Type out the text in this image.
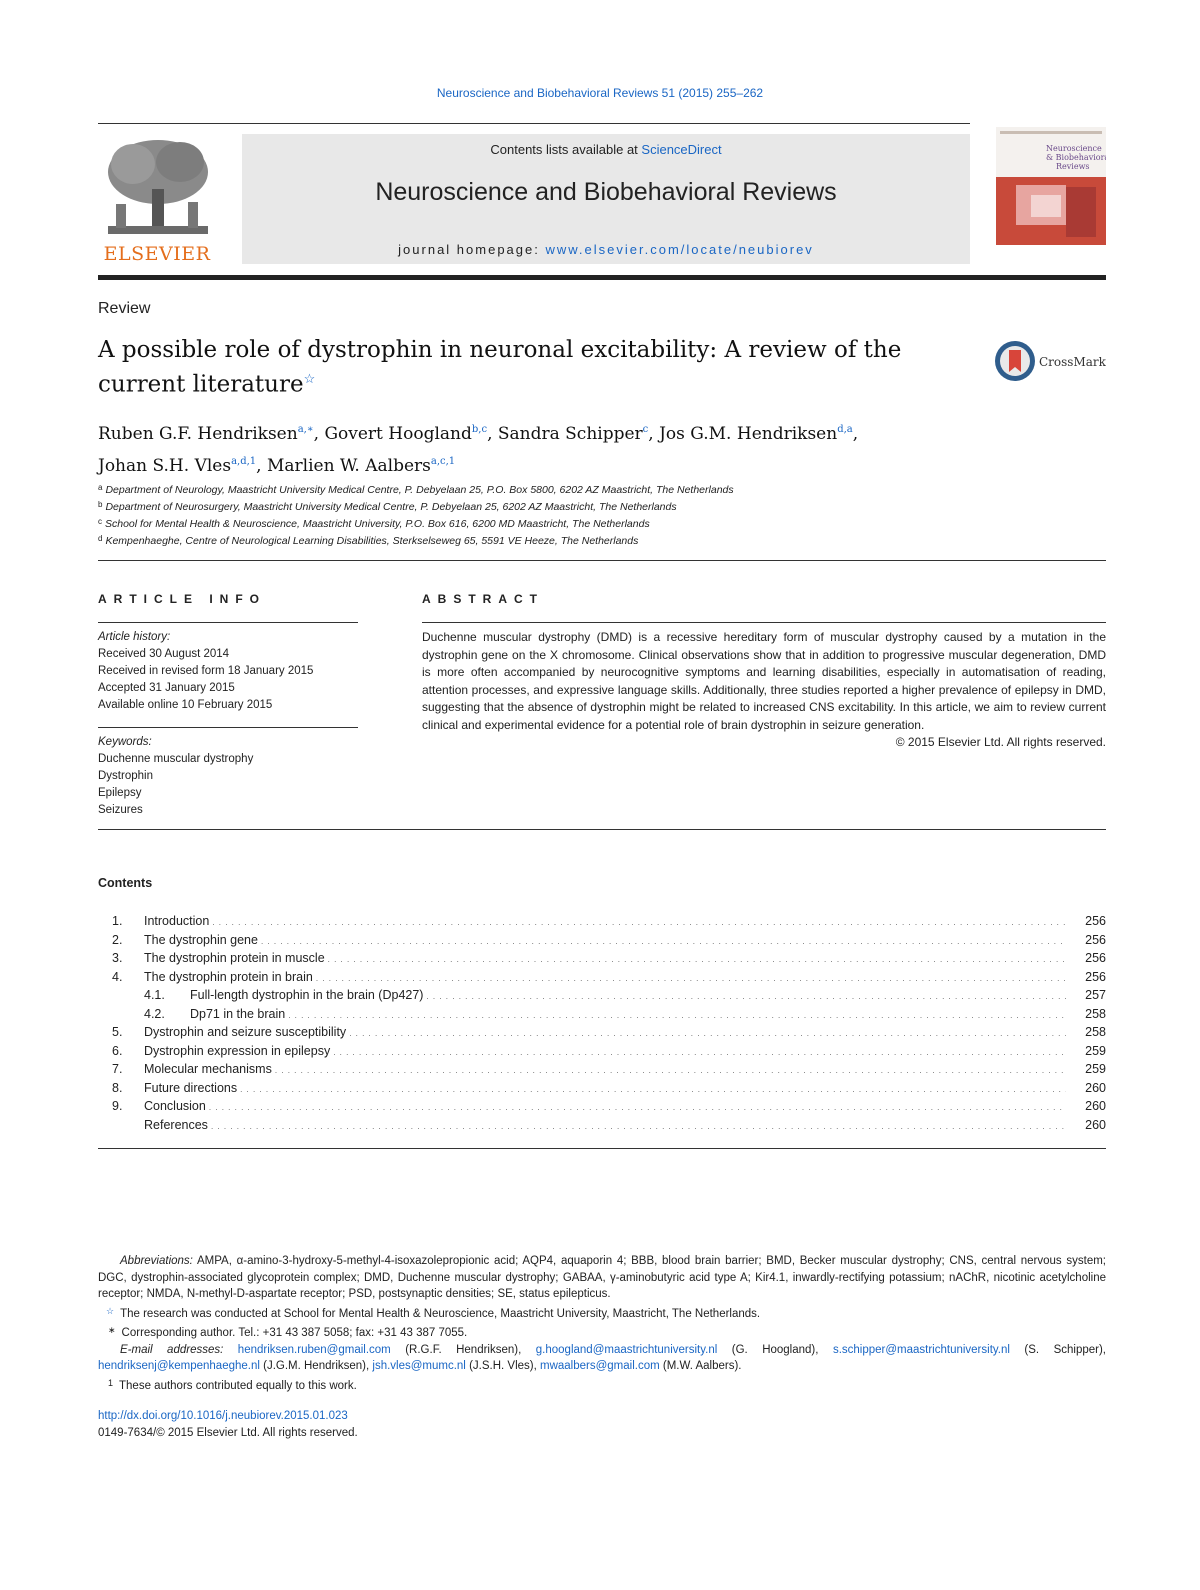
Neuroscience and Biobehavioral Reviews 51 (2015) 255–262
ELSEVIER
Contents lists available at ScienceDirect
Neuroscience and Biobehavioral Reviews
journal homepage: www.elsevier.com/locate/neubiorev
Neuroscience
& Biobehavioral
Reviews
Review
A possible role of dystrophin in neuronal excitability: A review of the current literature☆
CrossMark
Ruben G.F. Hendriksen$^{a,∗}$, Govert Hoogland$^{b,c}$, Sandra Schipper$^c$, Jos G.M. Hendriksen$^{d,a}$,
Johan S.H. Vles$^{a,d,1}$, Marlien W. Aalbers$^{a,c,1}$
$^a$ Department of Neurology, Maastricht University Medical Centre, P. Debyelaan 25, P.O. Box 5800, 6202 AZ Maastricht, The Netherlands
$^b$ Department of Neurosurgery, Maastricht University Medical Centre, P. Debyelaan 25, 6202 AZ Maastricht, The Netherlands
$^c$ School for Mental Health & Neuroscience, Maastricht University, P.O. Box 616, 6200 MD Maastricht, The Netherlands
$^d$ Kempenhaeghe, Centre of Neurological Learning Disabilities, Sterkselseweg 65, 5591 VE Heeze, The Netherlands
ARTICLE INFO
Article history:
Received 30 August 2014
Received in revised form 18 January 2015
Accepted 31 January 2015
Available online 10 February 2015
Keywords:
Duchenne muscular dystrophy
Dystrophin
Epilepsy
Seizures
ABSTRACT
Duchenne muscular dystrophy (DMD) is a recessive hereditary form of muscular dystrophy caused by a mutation in the dystrophin gene on the X chromosome. Clinical observations show that in addition to progressive muscular degeneration, DMD is more often accompanied by neurocognitive symptoms and learning disabilities, especially in automatisation of reading, attention processes, and expressive language skills. Additionally, three studies reported a higher prevalence of epilepsy in DMD, suggesting that the absence of dystrophin might be related to increased CNS excitability. In this article, we aim to review current clinical and experimental evidence for a potential role of brain dystrophin in seizure generation.
© 2015 Elsevier Ltd. All rights reserved.
Contents
1.	Introduction . . .	256
2.	The dystrophin gene . . .	256
3.	The dystrophin protein in muscle . . .	256
4.	The dystrophin protein in brain . . .	256
4.1.	Full-length dystrophin in the brain (Dp427) . . .	257
4.2.	Dp71 in the brain . . .	258
5.	Dystrophin and seizure susceptibility . . .	258
6.	Dystrophin expression in epilepsy . . .	259
7.	Molecular mechanisms . . .	259
8.	Future directions . . .	260
9.	Conclusion . . .	260
References . . .	260
Abbreviations: AMPA, α-amino-3-hydroxy-5-methyl-4-isoxazolepropionic acid; AQP4, aquaporin 4; BBB, blood brain barrier; BMD, Becker muscular dystrophy; CNS, central nervous system; DGC, dystrophin-associated glycoprotein complex; DMD, Duchenne muscular dystrophy; GABAA, γ-aminobutyric acid type A; Kir4.1, inwardly-rectifying potassium; nAChR, nicotinic acetylcholine receptor; NMDA, N-methyl-D-aspartate receptor; PSD, postsynaptic densities; SE, status epilepticus.
☆ The research was conducted at School for Mental Health & Neuroscience, Maastricht University, Maastricht, The Netherlands.
∗ Corresponding author. Tel.: +31 43 387 5058; fax: +31 43 387 7055.
E-mail addresses: hendriksen.ruben@gmail.com (R.G.F. Hendriksen), g.hoogland@maastrichtuniversity.nl (G. Hoogland), s.schipper@maastrichtuniversity.nl (S. Schipper), hendriksenj@kempenhaeghe.nl (J.G.M. Hendriksen), jsh.vles@mumc.nl (J.S.H. Vles), mwaalbers@gmail.com (M.W. Aalbers).
$^1$ These authors contributed equally to this work.
http://dx.doi.org/10.1016/j.neubiorev.2015.01.023
0149-7634/© 2015 Elsevier Ltd. All rights reserved.
